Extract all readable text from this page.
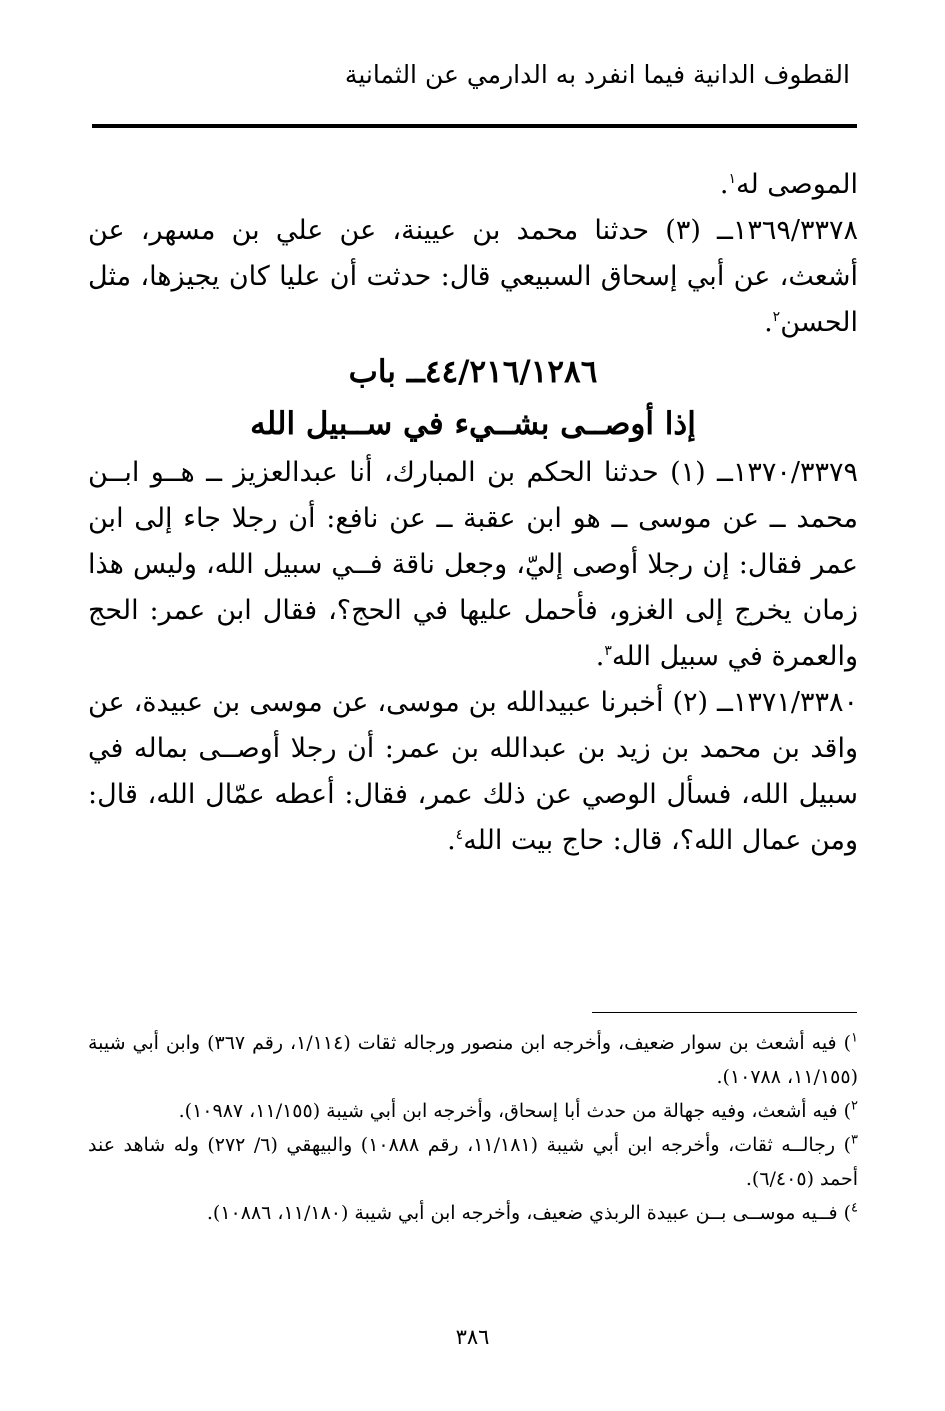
القطوف الدانية فيما انفرد به الدارمي عن الثمانية

الموصى له$^١$.

١٣٦٩/٣٣٧٨ــ (٣) حدثنا محمد بن عيينة، عن علي بن مسهر، عن أشعث، عن أبي إسحاق السبيعي قال: حدثت أن عليا كان يجيزها، مثل الحسن$^٢$.

٤٤/٢١٦/١٢٨٦ــ باب

إذا أوصــى بشــيء في ســبيل الله

١٣٧٠/٣٣٧٩ــ (١) حدثنا الحكم بن المبارك، أنا عبدالعزيز ــ هــو ابــن محمد ــ عن موسى ــ هو ابن عقبة ــ عن نافع: أن رجلا جاء إلى ابن عمر فقال: إن رجلا أوصى إليّ، وجعل ناقة فــي سبيل الله، وليس هذا زمان يخرج إلى الغزو، فأحمل عليها في الحج؟، فقال ابن عمر: الحج والعمرة في سبيل الله$^٣$.

١٣٧١/٣٣٨٠ــ (٢) أخبرنا عبيدالله بن موسى، عن موسى بن عبيدة، عن واقد بن محمد بن زيد بن عبدالله بن عمر: أن رجلا أوصــى بماله في سبيل الله، فسأل الوصي عن ذلك عمر، فقال: أعطه عمّال الله، قال: ومن عمال الله؟، قال: حاج بيت الله$^٤$.

$^١$) فيه أشعث بن سوار ضعيف، وأخرجه ابن منصور ورجاله ثقات (١/١١٤، رقم ٣٦٧) وابن أبي شيبة (١١/١٥٥، ١٠٧٨٨).

$^٢$) فيه أشعث، وفيه جهالة من حدث أبا إسحاق، وأخرجه ابن أبي شيبة (١١/١٥٥، ١٠٩٨٧).

$^٣$) رجالــه ثقات، وأخرجه ابن أبي شيبة (١١/١٨١، رقم ١٠٨٨٨) والبيهقي (٦/ ٢٧٢) وله شاهد عند أحمد (٦/٤٠٥).

$^٤$) فــيه موســى بــن عبيدة الربذي ضعيف، وأخرجه ابن أبي شيبة (١١/١٨٠، ١٠٨٨٦).

٣٨٦
